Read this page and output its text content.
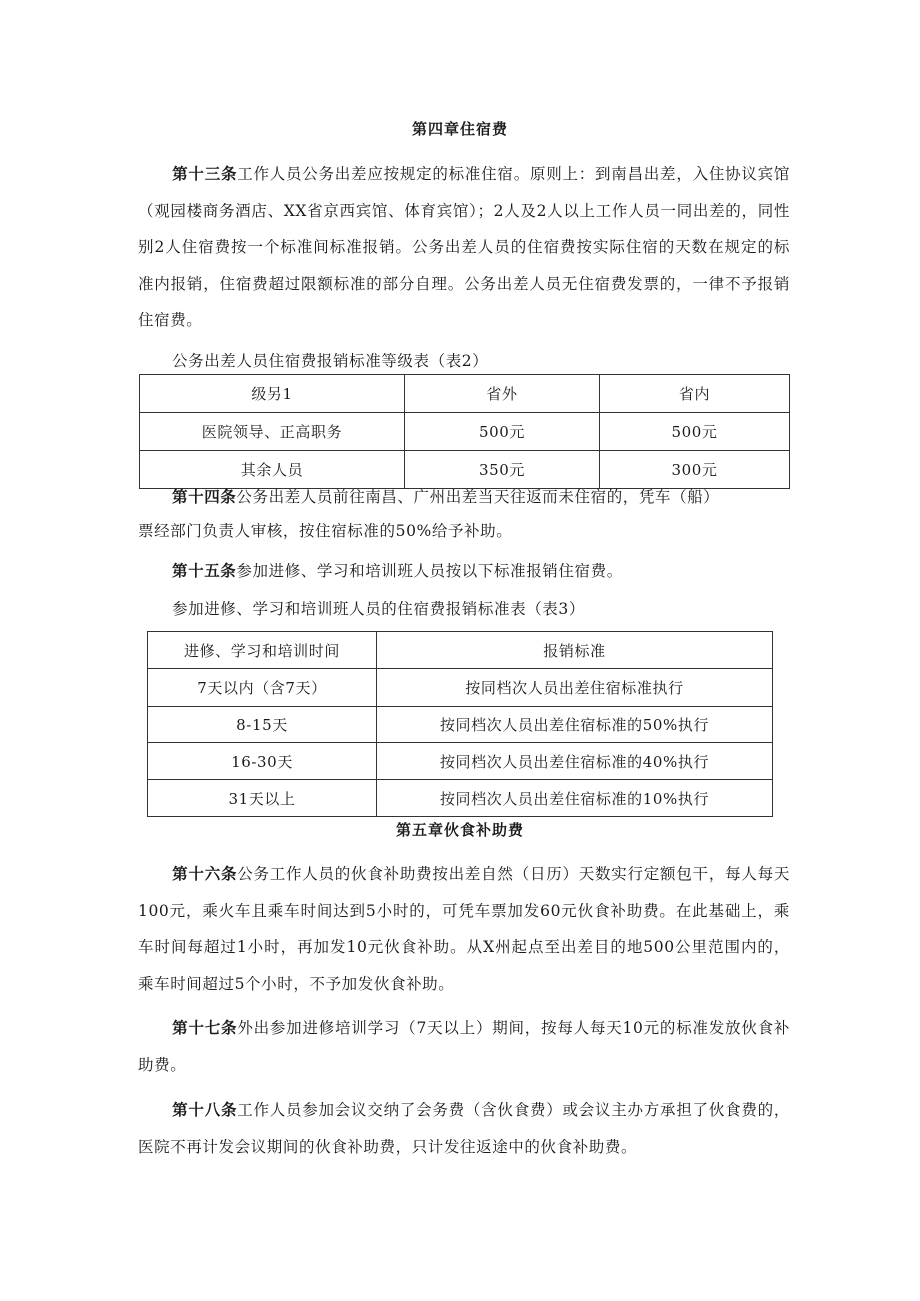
第四章住宿费
第十三条工作人员公务出差应按规定的标准住宿。原则上：到南昌出差，入住协议宾馆（观园楼商务酒店、XX省京西宾馆、体育宾馆）；2人及2人以上工作人员一同出差的，同性别2人住宿费按一个标准间标准报销。公务出差人员的住宿费按实际住宿的天数在规定的标准内报销，住宿费超过限额标准的部分自理。公务出差人员无住宿费发票的，一律不予报销住宿费。
公务出差人员住宿费报销标准等级表（表2）
级另1	省外	省内
医院领导、正高职务	500元	500元
其余人员	350元	300元
第十四条公务出差人员前往南昌、广州出差当天往返而未住宿的，凭车（船）
票经部门负责人审核，按住宿标准的50%给予补助。
第十五条参加进修、学习和培训班人员按以下标准报销住宿费。
参加进修、学习和培训班人员的住宿费报销标准表（表3）
进修、学习和培训时间	报销标准
7天以内（含7天）	按同档次人员出差住宿标准执行
8-15天	按同档次人员出差住宿标准的50%执行
16-30天	按同档次人员出差住宿标准的40%执行
31天以上	按同档次人员出差住宿标准的10%执行
第五章伙食补助费
第十六条公务工作人员的伙食补助费按出差自然（日历）天数实行定额包干，每人每天100元，乘火车且乘车时间达到5小时的，可凭车票加发60元伙食补助费。在此基础上，乘车时间每超过1小时，再加发10元伙食补助。从X州起点至出差目的地500公里范围内的，乘车时间超过5个小时，不予加发伙食补助。
第十七条外出参加进修培训学习（7天以上）期间，按每人每天10元的标准发放伙食补助费。
第十八条工作人员参加会议交纳了会务费（含伙食费）或会议主办方承担了伙食费的，医院不再计发会议期间的伙食补助费，只计发往返途中的伙食补助费。
